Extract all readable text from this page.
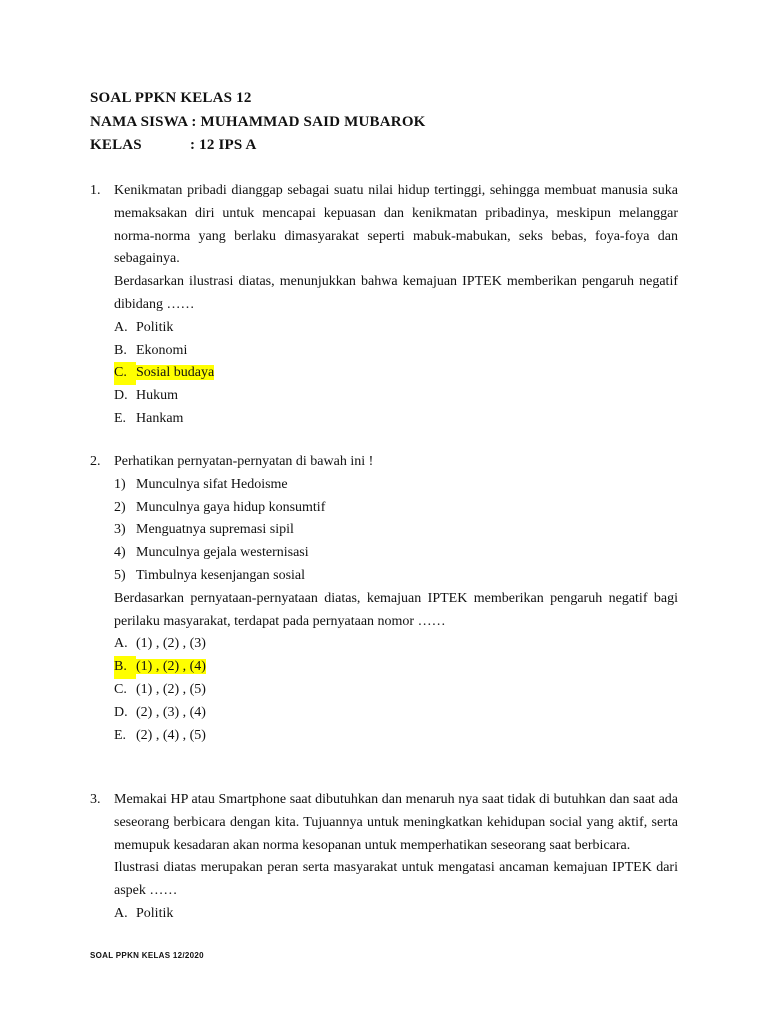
SOAL PPKN KELAS 12
NAMA SISWA : MUHAMMAD SAID MUBAROK
KELAS	: 12 IPS A
1. Kenikmatan pribadi dianggap sebagai suatu nilai hidup tertinggi, sehingga membuat manusia suka memaksakan diri untuk mencapai kepuasan dan kenikmatan pribadinya, meskipun melanggar norma-norma yang berlaku dimasyarakat seperti mabuk-mabukan, seks bebas, foya-foya dan sebagainya.

Berdasarkan ilustrasi diatas, menunjukkan bahwa kemajuan IPTEK memberikan pengaruh negatif dibidang ……

A. Politik
B. Ekonomi
C. Sosial budaya
D. Hukum
E. Hankam
2. Perhatikan pernyatan-pernyatan di bawah ini !

1) Munculnya sifat Hedoisme
2) Munculnya gaya hidup konsumtif
3) Menguatnya supremasi sipil
4) Munculnya gejala westernisasi
5) Timbulnya kesenjangan sosial

Berdasarkan pernyataan-pernyataan diatas, kemajuan IPTEK memberikan pengaruh negatif bagi perilaku masyarakat, terdapat pada pernyataan nomor ……

A. (1) , (2) , (3)
B. (1) , (2) , (4)
C. (1) , (2) , (5)
D. (2) , (3) , (4)
E. (2) , (4) , (5)
3. Memakai HP atau Smartphone saat dibutuhkan dan menaruh nya saat tidak di butuhkan dan saat ada seseorang berbicara dengan kita. Tujuannya untuk meningkatkan kehidupan social yang aktif, serta memupuk kesadaran akan norma kesopanan untuk memperhatikan seseorang saat berbicara.

Ilustrasi diatas merupakan peran serta masyarakat untuk mengatasi ancaman kemajuan IPTEK dari aspek ……

A. Politik
SOAL PPKN KELAS 12/2020
